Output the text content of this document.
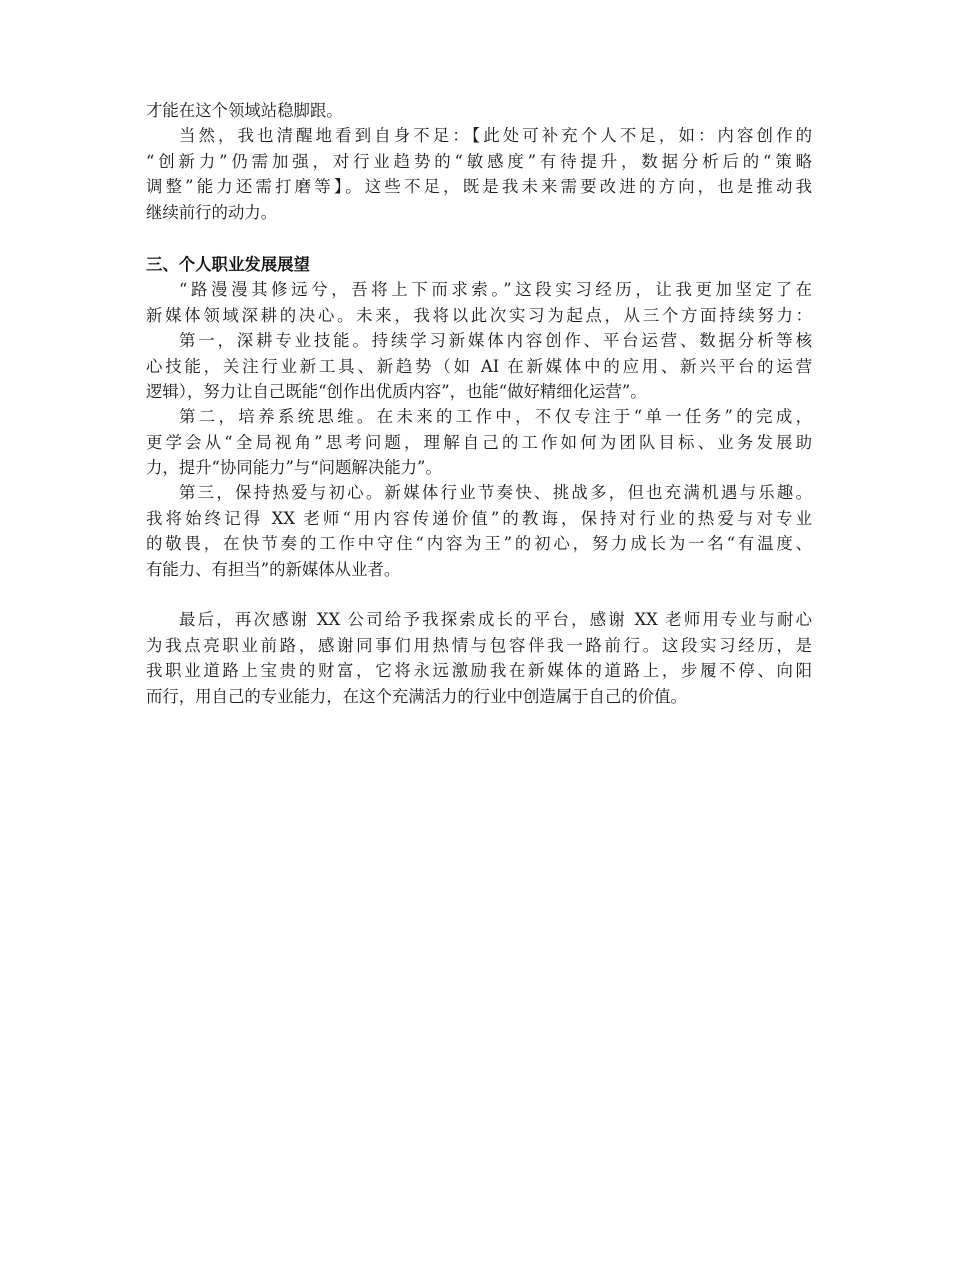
才能在这个领域站稳脚跟。
当然，我也清醒地看到自身不足：【此处可补充个人不足，如：内容创作的
“创新力”仍需加强，对行业趋势的“敏感度”有待提升，数据分析后的“策略
调整”能力还需打磨等】。这些不足，既是我未来需要改进的方向，也是推动我
继续前行的动力。
三、个人职业发展展望
“路漫漫其修远兮，吾将上下而求索。”这段实习经历，让我更加坚定了在
新媒体领域深耕的决心。未来，我将以此次实习为起点，从三个方面持续努力：
第一，深耕专业技能。持续学习新媒体内容创作、平台运营、数据分析等核
心技能，关注行业新工具、新趋势（如 AI 在新媒体中的应用、新兴平台的运营
逻辑），努力让自己既能“创作出优质内容”，也能“做好精细化运营”。
第二，培养系统思维。在未来的工作中，不仅专注于“单一任务”的完成，
更学会从“全局视角”思考问题，理解自己的工作如何为团队目标、业务发展助
力，提升“协同能力”与“问题解决能力”。
第三，保持热爱与初心。新媒体行业节奏快、挑战多，但也充满机遇与乐趣。
我将始终记得 XX 老师“用内容传递价值”的教诲，保持对行业的热爱与对专业
的敬畏，在快节奏的工作中守住“内容为王”的初心，努力成长为一名“有温度、
有能力、有担当”的新媒体从业者。
最后，再次感谢 XX 公司给予我探索成长的平台，感谢 XX 老师用专业与耐心
为我点亮职业前路，感谢同事们用热情与包容伴我一路前行。这段实习经历，是
我职业道路上宝贵的财富，它将永远激励我在新媒体的道路上，步履不停、向阳
而行，用自己的专业能力，在这个充满活力的行业中创造属于自己的价值。
